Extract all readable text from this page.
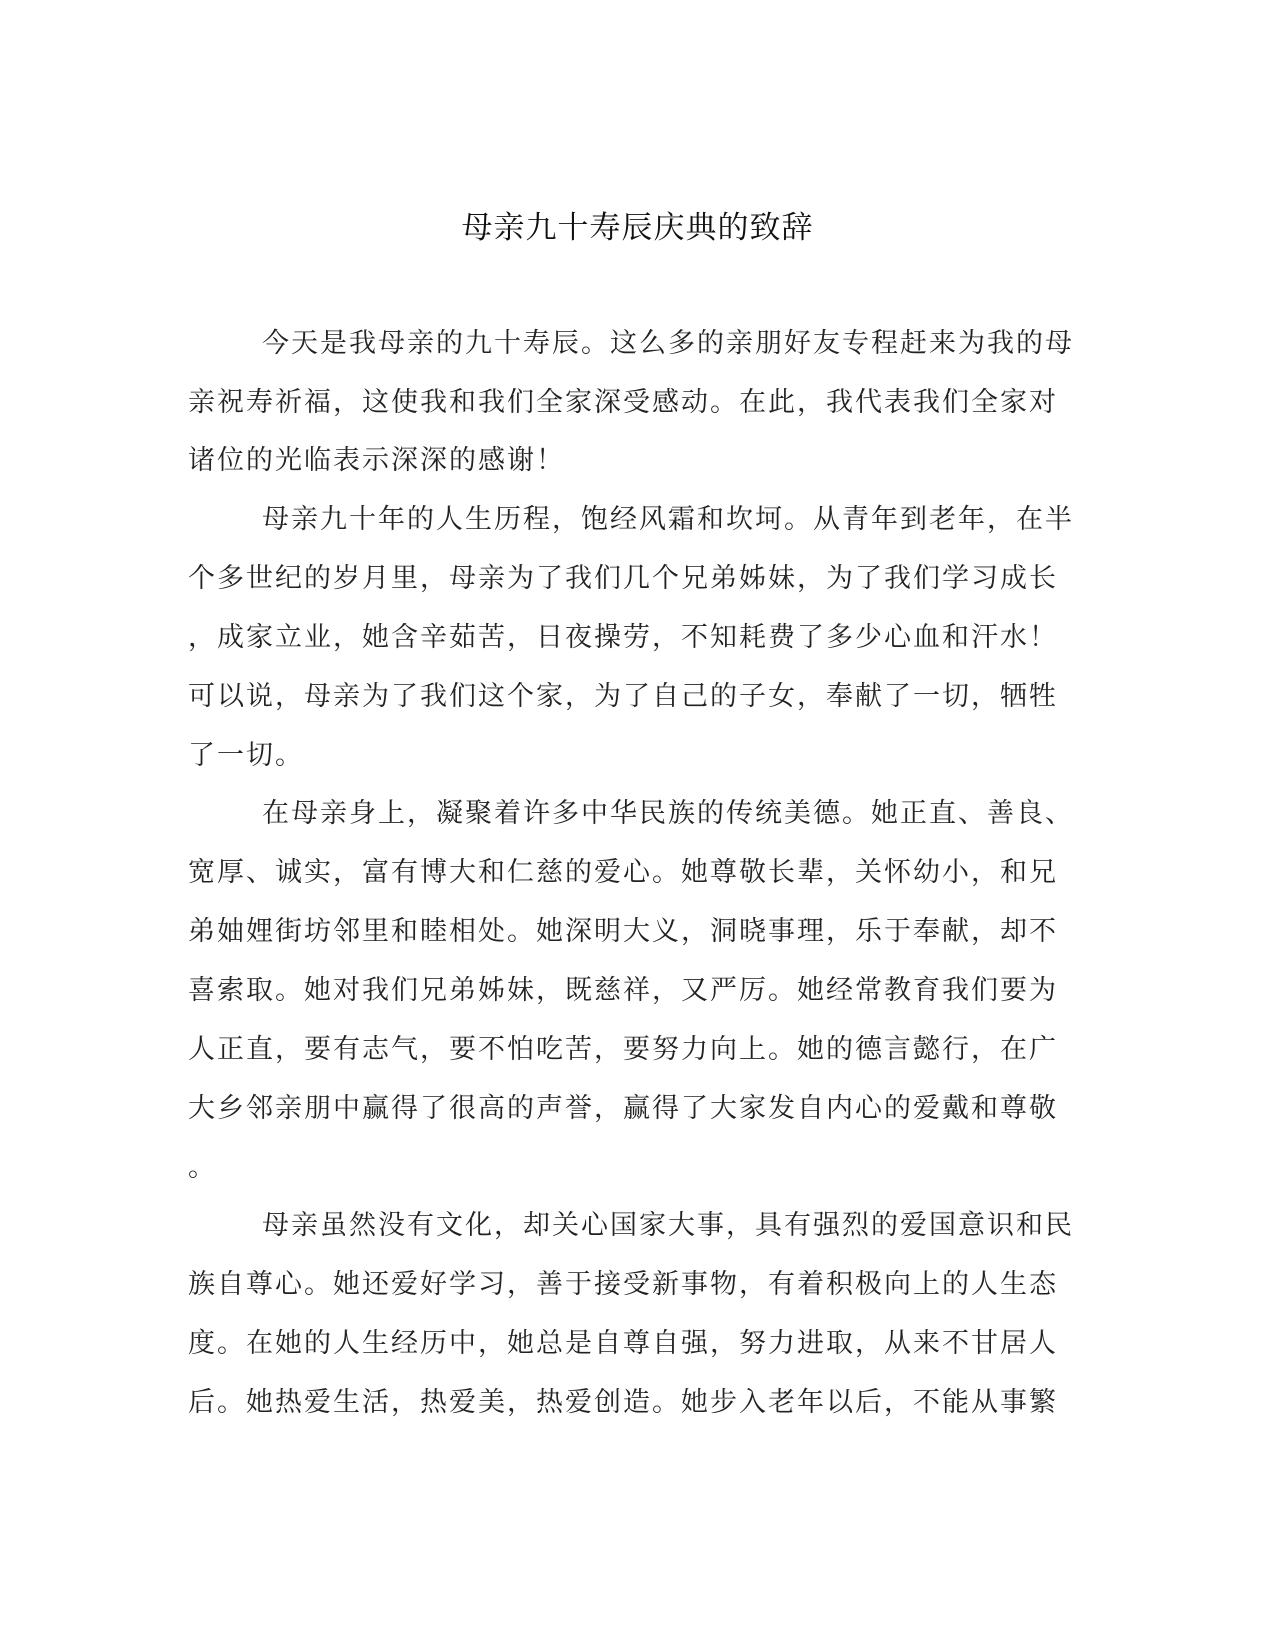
母亲九十寿辰庆典的致辞
今天是我母亲的九十寿辰。这么多的亲朋好友专程赶来为我的母
亲祝寿祈福，这使我和我们全家深受感动。在此，我代表我们全家对
诸位的光临表示深深的感谢！
母亲九十年的人生历程，饱经风霜和坎坷。从青年到老年，在半
个多世纪的岁月里，母亲为了我们几个兄弟姊妹，为了我们学习成长
，成家立业，她含辛茹苦，日夜操劳，不知耗费了多少心血和汗水！
可以说，母亲为了我们这个家，为了自己的子女，奉献了一切，牺牲
了一切。
在母亲身上，凝聚着许多中华民族的传统美德。她正直、善良、
宽厚、诚实，富有博大和仁慈的爱心。她尊敬长辈，关怀幼小，和兄
弟妯娌街坊邻里和睦相处。她深明大义，洞晓事理，乐于奉献，却不
喜索取。她对我们兄弟姊妹，既慈祥，又严厉。她经常教育我们要为
人正直，要有志气，要不怕吃苦，要努力向上。她的德言懿行，在广
大乡邻亲朋中赢得了很高的声誉，赢得了大家发自内心的爱戴和尊敬
。
母亲虽然没有文化，却关心国家大事，具有强烈的爱国意识和民
族自尊心。她还爱好学习，善于接受新事物，有着积极向上的人生态
度。在她的人生经历中，她总是自尊自强，努力进取，从来不甘居人
后。她热爱生活，热爱美，热爱创造。她步入老年以后，不能从事繁
